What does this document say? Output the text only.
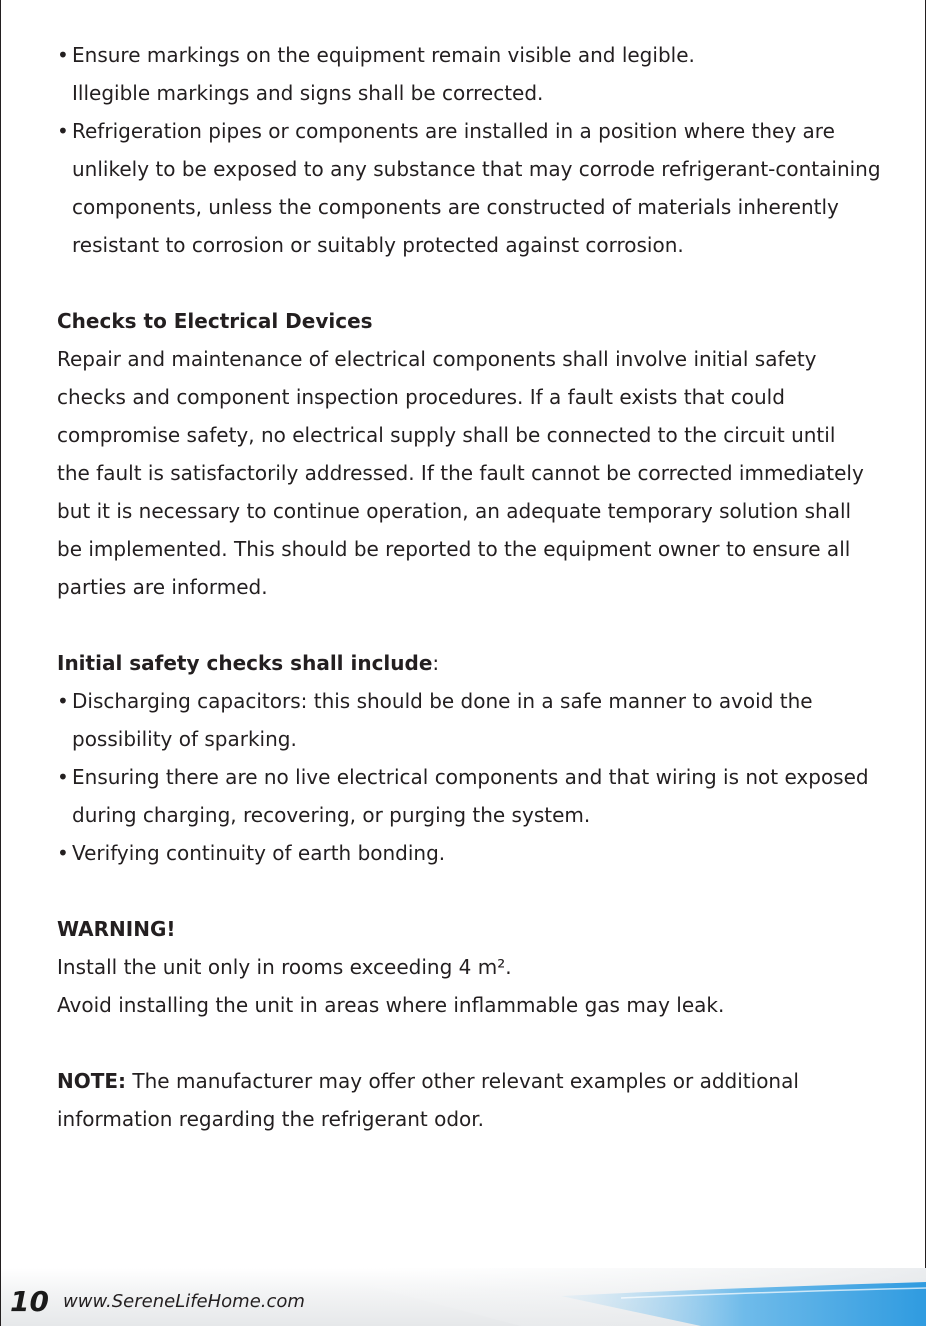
• Ensure markings on the equipment remain visible and legible.
Illegible markings and signs shall be corrected.
• Refrigeration pipes or components are installed in a position where they are
unlikely to be exposed to any substance that may corrode refrigerant-containing
components, unless the components are constructed of materials inherently
resistant to corrosion or suitably protected against corrosion.
Checks to Electrical Devices
Repair and maintenance of electrical components shall involve initial safety
checks and component inspection procedures. If a fault exists that could
compromise safety, no electrical supply shall be connected to the circuit until
the fault is satisfactorily addressed. If the fault cannot be corrected immediately
but it is necessary to continue operation, an adequate temporary solution shall
be implemented. This should be reported to the equipment owner to ensure all
parties are informed.
Initial safety checks shall include:
• Discharging capacitors: this should be done in a safe manner to avoid the
possibility of sparking.
• Ensuring there are no live electrical components and that wiring is not exposed
during charging, recovering, or purging the system.
• Verifying continuity of earth bonding.
WARNING!
Install the unit only in rooms exceeding 4 m².
Avoid installing the unit in areas where inflammable gas may leak.
NOTE: The manufacturer may offer other relevant examples or additional
information regarding the refrigerant odor.
10 www.SereneLifeHome.com
